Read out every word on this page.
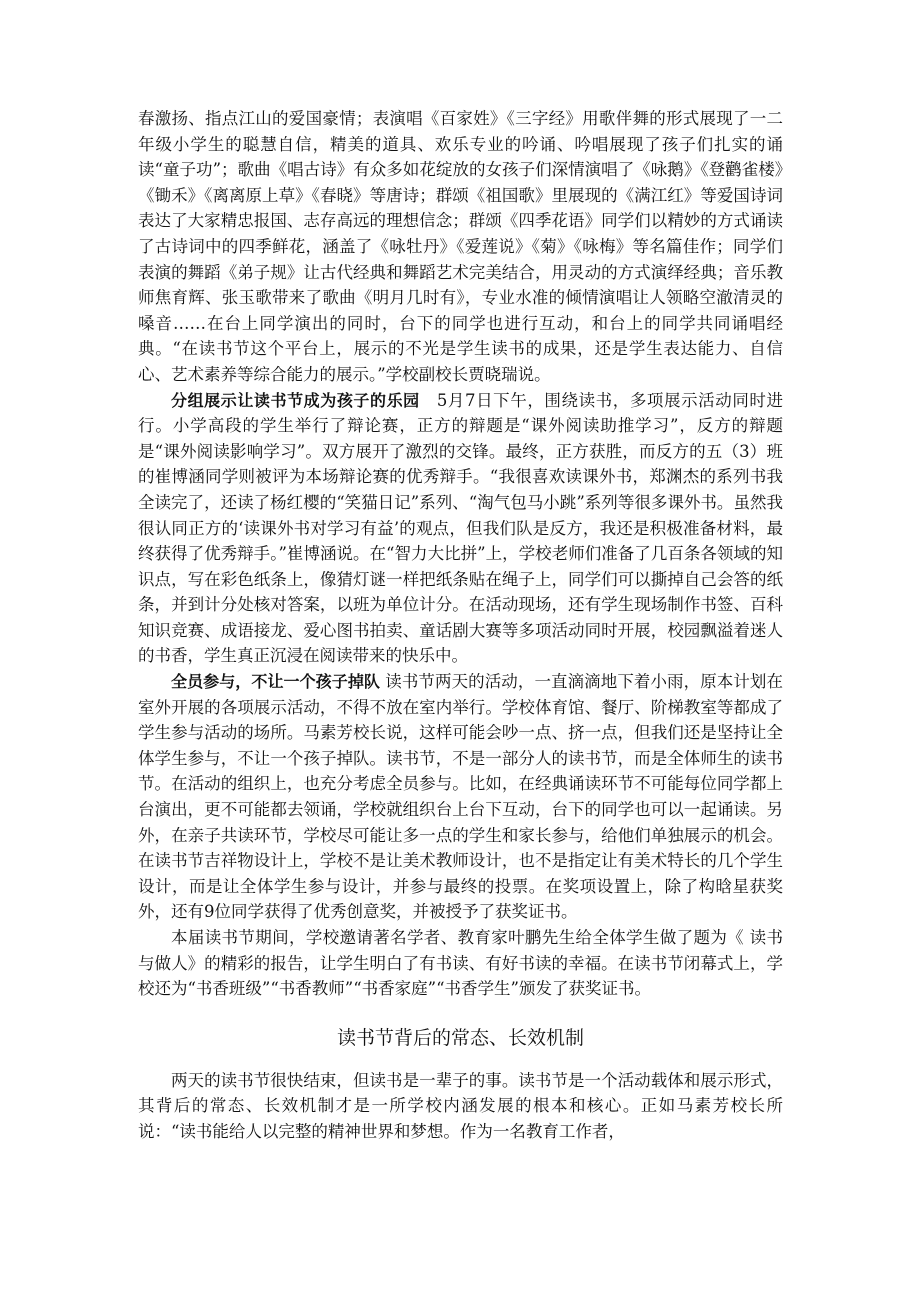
春激扬、指点江山的爱国豪情；表演唱《百家姓》《三字经》用歌伴舞的形式展现了一二年级小学生的聪慧自信，精美的道具、欢乐专业的吟诵、吟唱展现了孩子们扎实的诵读“童子功”；歌曲《唱古诗》有众多如花绽放的女孩子们深情演唱了《咏鹅》《登鹳雀楼》《锄禾》《离离原上草》《春晓》等唐诗；群颂《祖国歌》里展现的《满江红》等爱国诗词表达了大家精忠报国、志存高远的理想信念；群颂《四季花语》同学们以精妙的方式诵读了古诗词中的四季鲜花，涵盖了《咏牡丹》《爱莲说》《菊》《咏梅》等名篇佳作；同学们表演的舞蹈《弟子规》让古代经典和舞蹈艺术完美结合，用灵动的方式演绎经典；音乐教师焦育辉、张玉歌带来了歌曲《明月几时有》，专业水准的倾情演唱让人领略空澈清灵的嗓音……在台上同学演出的同时，台下的同学也进行互动，和台上的同学共同诵唱经典。“在读书节这个平台上，展示的不光是学生读书的成果，还是学生表达能力、自信心、艺术素养等综合能力的展示。”学校副校长贾晓瑞说。

分组展示让读书节成为孩子的乐园　5月7日下午，围绕读书，多项展示活动同时进行。小学高段的学生举行了辩论赛，正方的辩题是“课外阅读助推学习”，反方的辩题是“课外阅读影响学习”。双方展开了激烈的交锋。最终，正方获胜，而反方的五（3）班的崔博涵同学则被评为本场辩论赛的优秀辩手。“我很喜欢读课外书，郑渊杰的系列书我全读完了，还读了杨红樱的“笑猫日记”系列、“淘气包马小跳”系列等很多课外书。虽然我很认同正方的‘读课外书对学习有益’的观点，但我们队是反方，我还是积极准备材料，最终获得了优秀辩手。”崔博涵说。在“智力大比拼”上，学校老师们准备了几百条各领域的知识点，写在彩色纸条上，像猜灯谜一样把纸条贴在绳子上，同学们可以撕掉自己会答的纸条，并到计分处核对答案，以班为单位计分。在活动现场，还有学生现场制作书签、百科知识竞赛、成语接龙、爱心图书拍卖、童话剧大赛等多项活动同时开展，校园飘溢着迷人的书香，学生真正沉浸在阅读带来的快乐中。

全员参与，不让一个孩子掉队 读书节两天的活动，一直滴滴地下着小雨，原本计划在室外开展的各项展示活动，不得不放在室内举行。学校体育馆、餐厅、阶梯教室等都成了学生参与活动的场所。马素芳校长说，这样可能会吵一点、挤一点，但我们还是坚持让全体学生参与，不让一个孩子掉队。读书节，不是一部分人的读书节，而是全体师生的读书节。在活动的组织上，也充分考虑全员参与。比如，在经典诵读环节不可能每位同学都上台演出，更不可能都去领诵，学校就组织台上台下互动，台下的同学也可以一起诵读。另外，在亲子共读环节，学校尽可能让多一点的学生和家长参与，给他们单独展示的机会。在读书节吉祥物设计上，学校不是让美术教师设计，也不是指定让有美术特长的几个学生设计，而是让全体学生参与设计，并参与最终的投票。在奖项设置上，除了构晗星获奖外，还有9位同学获得了优秀创意奖，并被授予了获奖证书。

本届读书节期间，学校邀请著名学者、教育家叶鹏先生给全体学生做了题为《 读书与做人》的精彩的报告，让学生明白了有书读、有好书读的幸福。在读书节闭幕式上，学校还为“书香班级”“书香教师”“书香家庭”“书香学生”颁发了获奖证书。

读书节背后的常态、长效机制

两天的读书节很快结束，但读书是一辈子的事。读书节是一个活动载体和展示形式，其背后的常态、长效机制才是一所学校内涵发展的根本和核心。正如马素芳校长所说：“读书能给人以完整的精神世界和梦想。作为一名教育工作者，
